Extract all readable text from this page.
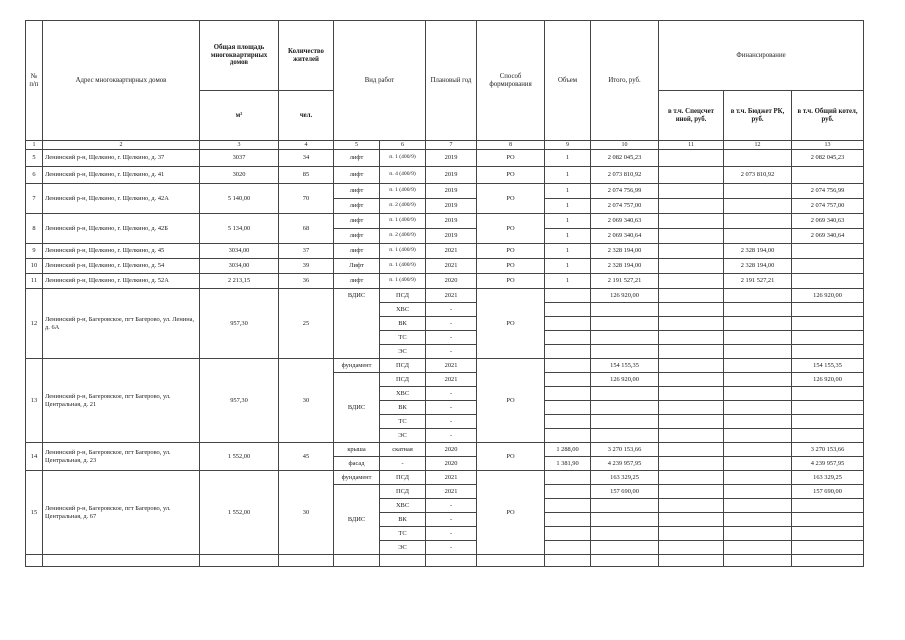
№ п/п	Адрес многоквартирных домов	Общая площадь многоквартирных домов	Количество жителей	Вид работ		Плановый год	Способ формирования	Объем	Итого, руб.	Финансирование		
		м²	чел.							в т.ч. Спецсчет иной, руб.	в т.ч. Бюджет РК, руб.	в т.ч. Общий котел, руб.
1	2	3	4	5	6	7	8	9	10	11	12	13
5	Ленинский р-н, Щелкино, г. Щелкино, д. 37	3037	34	лифт	п. 1 (400/9)	2019	РО	1	2 082 045,23			2 082 045,23
6	Ленинский р-н, Щелкино, г. Щелкино, д. 41	3020	85	лифт	п. 4 (400/9)	2019	РО	1	2 073 810,92		2 073 810,92	
7	Ленинский р-н, Щелкино, г. Щелкино, д. 42А	5 140,00	70	лифт	п. 1 (400/9)	2019	РО	1	2 074 756,99			2 074 756,99
				лифт	п. 2 (400/9)	2019		1	2 074 757,00			2 074 757,00
8	Ленинский р-н, Щелкино, г. Щелкино, д. 42Б	5 134,00	68	лифт	п. 1 (400/9)	2019	РО	1	2 069 340,63			2 069 340,63
				лифт	п. 2 (400/9)	2019		1	2 069 340,64			2 069 340,64
9	Ленинский р-н, Щелкино, г. Щелкино, д. 45	3034,00	37	лифт	п. 1 (400/9)	2021	РО	1	2 328 194,00		2 328 194,00	
10	Ленинский р-н, Щелкино, г. Щелкино, д. 54	3034,00	39	Лифт	п. 1 (400/9)	2021	РО	1	2 328 194,00		2 328 194,00	
11	Ленинский р-н, Щелкино, г. Щелкино, д. 52А	2 213,15	36	лифт	п. 1 (400/9)	2020	РО	1	2 191 527,21		2 191 527,21	
12	Ленинский р-н, Багеровское, пгт Багерово, ул. Ленина, д. 6А	957,30	25	ВДИС	ПСД	2021	РО		126 920,00			126 920,00
					ХВС	-						
					ВК	-						
					ТС	-						
					ЭС	-						
13	Ленинский р-н, Багеровское, пгт Багерово, ул. Центральная, д. 21	957,30	30	фундамент	ПСД	2021	РО		154 155,35			154 155,35
				ВДИС	ПСД	2021			126 920,00			126 920,00
					ХВС	-						
					ВК	-						
					ТС	-						
					ЭС	-						
14	Ленинский р-н, Багеровское, пгт Багерово, ул. Центральная, д. 23	1 552,00	45	крыша	скатная	2020	РО	1 288,00	3 270 153,66			3 270 153,66
				фасад	-	2020		1 381,90	4 239 957,95			4 239 957,95
15	Ленинский р-н, Багеровское, пгт Багерово, ул. Центральная, д. 67	1 552,00	30	фундамент	ПСД	2021	РО		163 329,25			163 329,25
				ВДИС	ПСД	2021			157 690,00			157 690,00
					ХВС	-						
					ВК	-						
					ТС	-						
					ЭС	-						
